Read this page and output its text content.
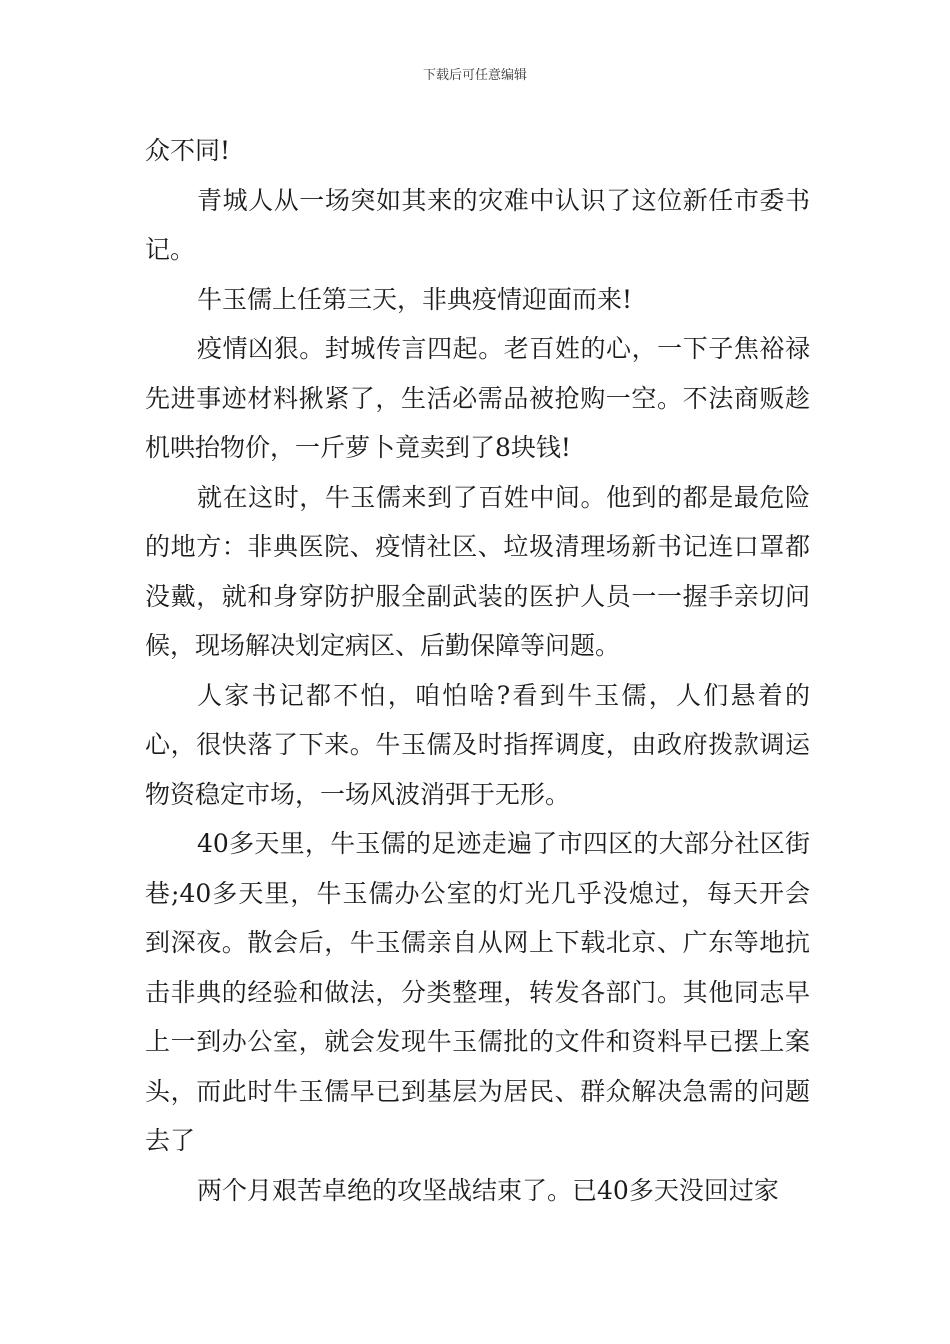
下载后可任意编辑

众不同!

青城人从一场突如其来的灾难中认识了这位新任市委书记。

牛玉儒上任第三天，非典疫情迎面而来!

疫情凶狠。封城传言四起。老百姓的心，一下子焦裕禄先进事迹材料揪紧了，生活必需品被抢购一空。不法商贩趁机哄抬物价，一斤萝卜竟卖到了8块钱!

就在这时，牛玉儒来到了百姓中间。他到的都是最危险的地方：非典医院、疫情社区、垃圾清理场新书记连口罩都没戴，就和身穿防护服全副武装的医护人员一一握手亲切问候，现场解决划定病区、后勤保障等问题。

人家书记都不怕，咱怕啥?看到牛玉儒，人们悬着的心，很快落了下来。牛玉儒及时指挥调度，由政府拨款调运物资稳定市场，一场风波消弭于无形。

40多天里，牛玉儒的足迹走遍了市四区的大部分社区街巷;40多天里，牛玉儒办公室的灯光几乎没熄过，每天开会到深夜。散会后，牛玉儒亲自从网上下载北京、广东等地抗击非典的经验和做法，分类整理，转发各部门。其他同志早上一到办公室，就会发现牛玉儒批的文件和资料早已摆上案头，而此时牛玉儒早已到基层为居民、群众解决急需的问题去了

两个月艰苦卓绝的攻坚战结束了。已40多天没回过家
